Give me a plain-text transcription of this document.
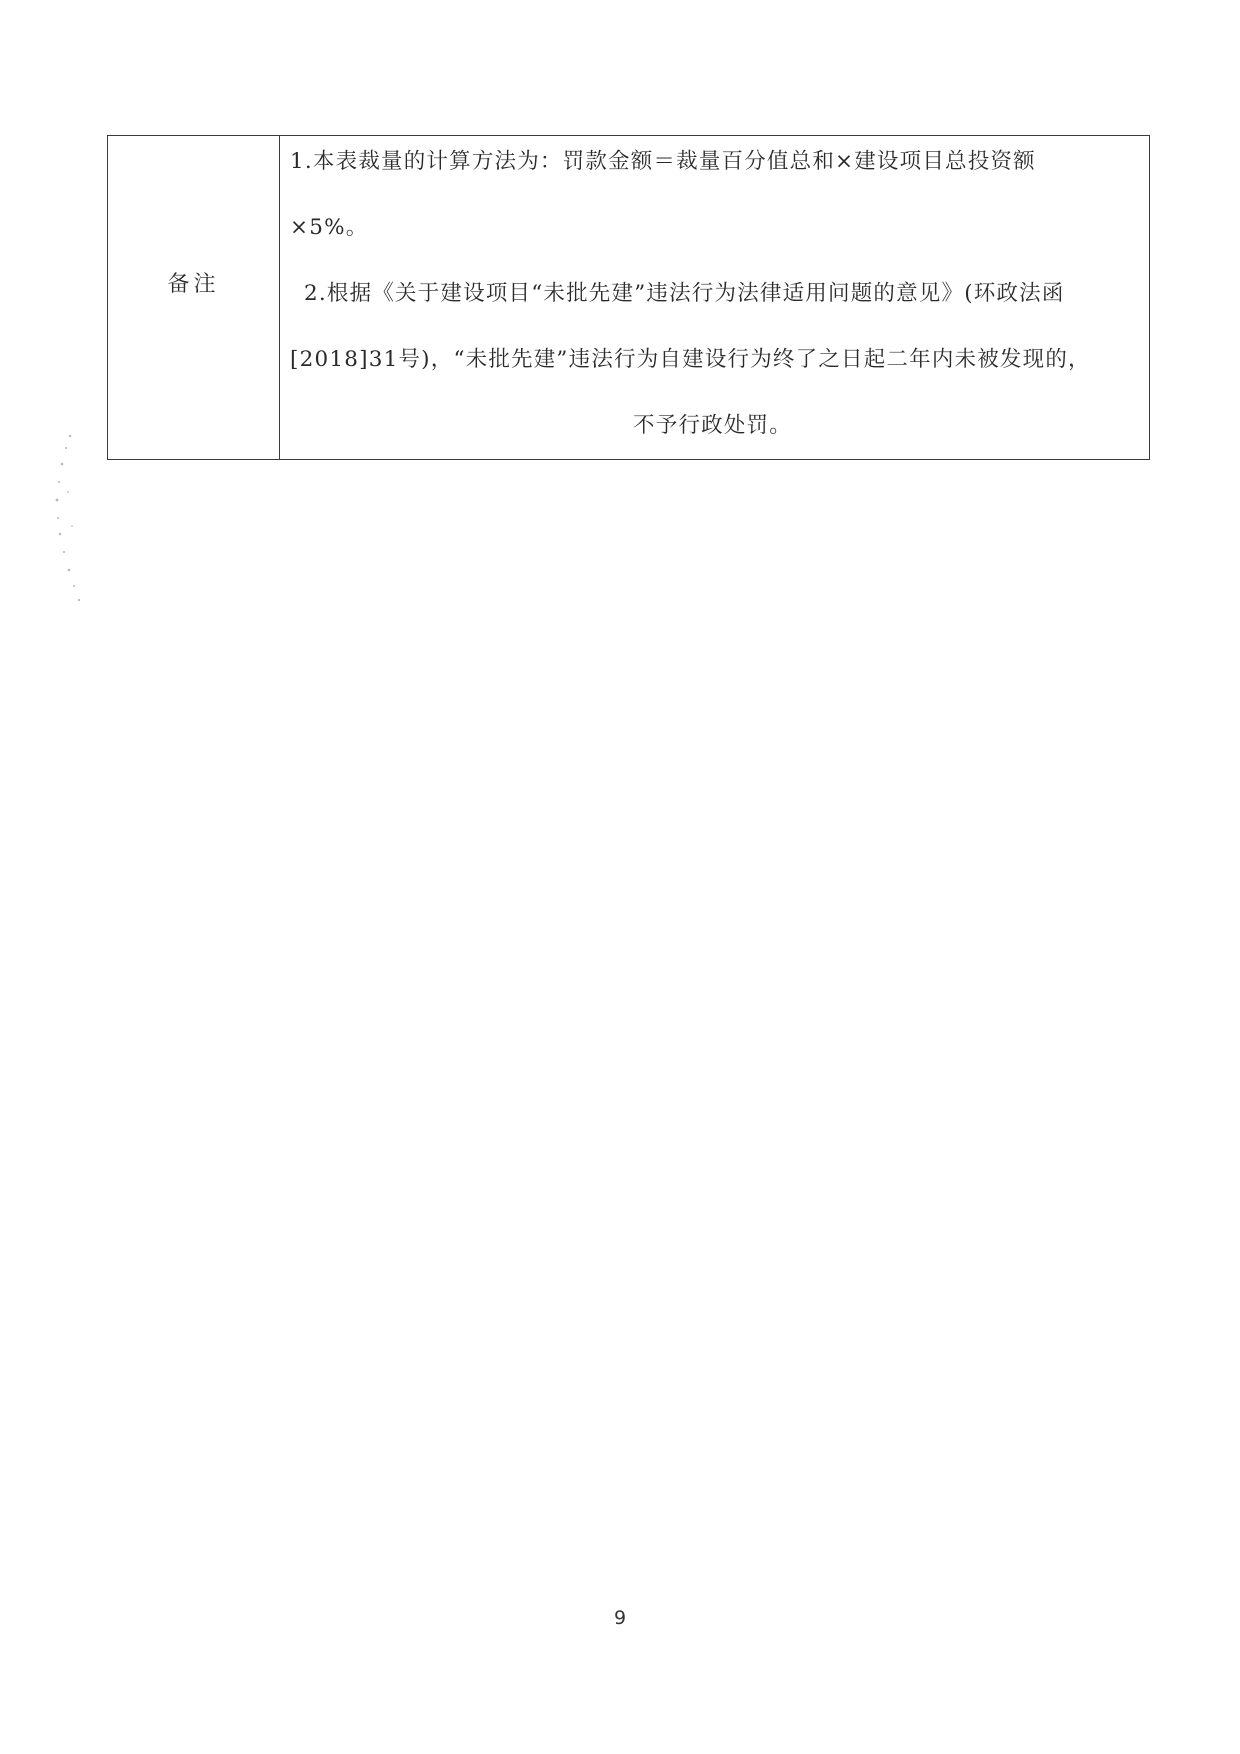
备注	
1.本表裁量的计算方法为：罚款金额＝裁量百分值总和×建设项目总投资额
×5%。
2.根据《关于建设项目“未批先建”违法行为法律适用问题的意见》(环政法函
[2018]31号)，“未批先建”违法行为自建设行为终了之日起二年内未被发现的，
不予行政处罚。
9
